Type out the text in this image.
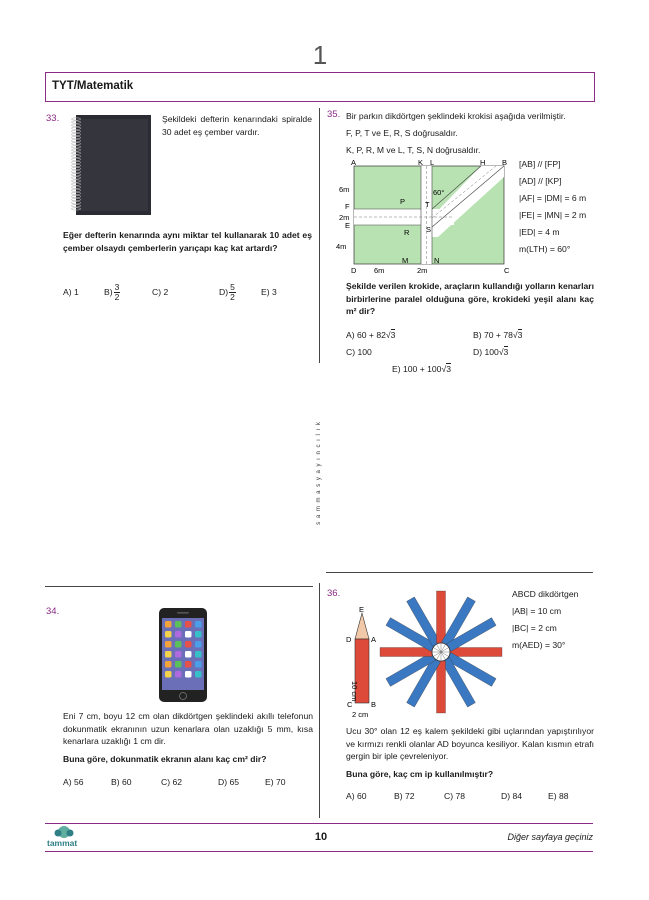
1
TYT/Matematik
s a m m a s y a y ı n c ı l ı k
33.	Şekildeki defterin kenarındaki spiralde 30 adet eş çember vardır.
Eğer defterin kenarında aynı miktar tel kullanarak 10 adet eş çember olsaydı çemberlerin yarıçapı kaç kat artardı?
A) 1	$B) \frac{3}{2}$	C) 2	$D) \frac{5}{2}$	E) 3
34.
Eni 7 cm, boyu 12 cm olan dikdörtgen şeklindeki akıllı telefonun dokunmatik ekranının uzun kenarlara olan uzaklığı 5 mm, kısa kenarlara uzaklığı 1 cm dir.
Buna göre, dokunmatik ekranın alanı kaç cm² dir?
A) 56	B) 60	C) 62	D) 65	E) 70
35. Bir parkın dikdörtgen şeklindeki krokisi aşağıda verilmiştir.
F, P, T ve E, R, S doğrusaldır.
K, P, R, M ve L, T, S, N doğrusaldır.
A	K L	H B
F
E
D	C
P	T
R S
M	N
6m
2m
4m
6m	2m
60°
[AB] // [FP]
[AD] // [KP]
|AF| = |DM| = 6 m
|FE| = |MN| = 2 m
|ED| = 4 m
m(LTH) = 60°
Şekilde verilen krokide, araçların kullandığı yolların kenarları birbirlerine paralel olduğuna göre, krokideki yeşil alanı kaç m² dir?
A) 60 + 82√3	B) 70 + 78√3
C) 100	D) 100√3
E) 100 + 100√3
36.
E
D	A
C B
2 cm
10 cm
ABCD dikdörtgen
|AB| = 10 cm
|BC| = 2 cm
m(AED) = 30°
Ucu 30° olan 12 eş kalem şekildeki gibi uçlarından yapıştırılıyor ve kırmızı renkli olanlar AD boyunca kesiliyor. Kalan kısmın etrafı gergin bir iple çevreleniyor.
Buna göre, kaç cm ip kullanılmıştır?
A) 60	B) 72	C) 78	D) 84	E) 88
tammat	10	Diğer sayfaya geçiniz
